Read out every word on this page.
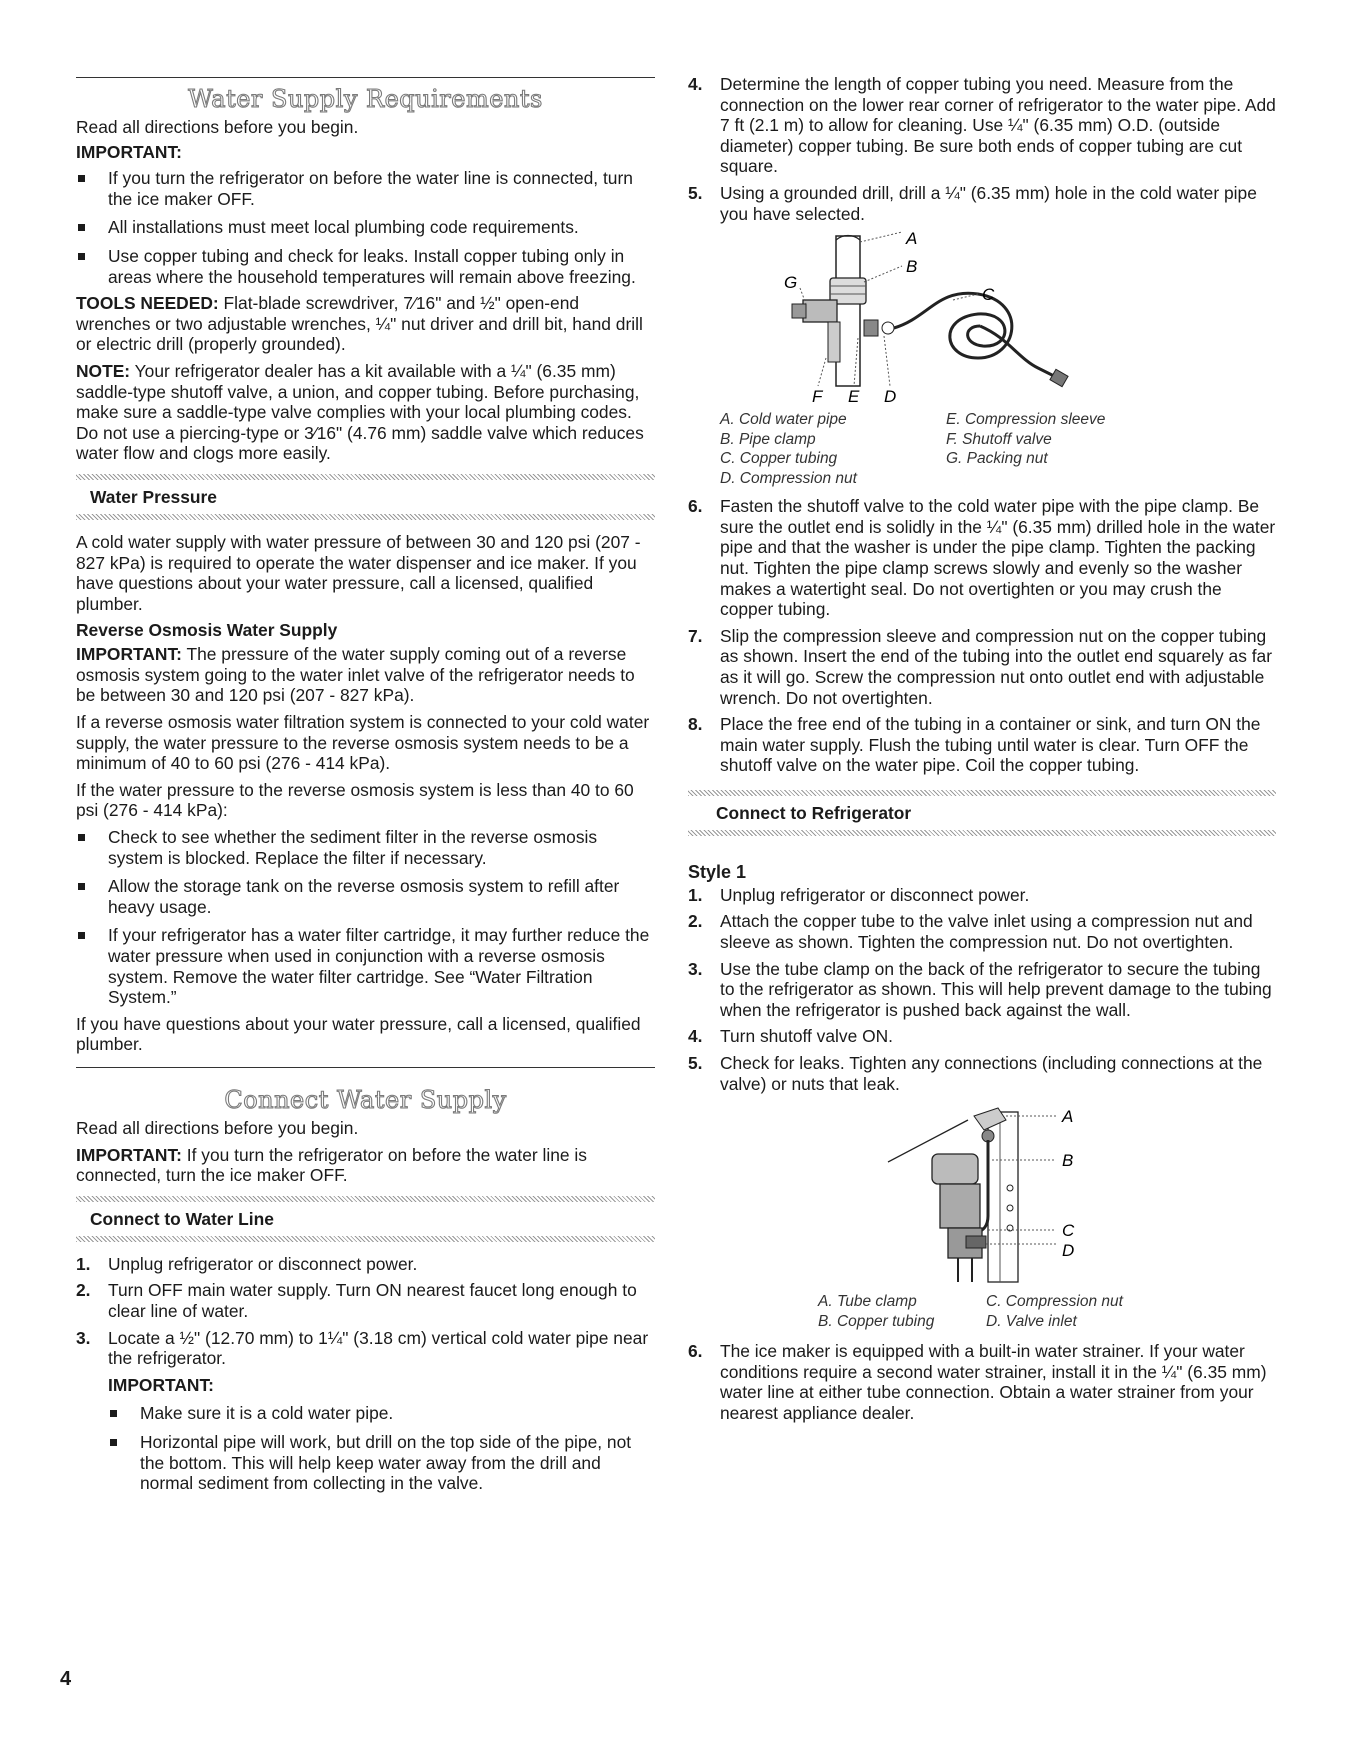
Water Supply Requirements

Read all directions before you begin.

IMPORTANT:

If you turn the refrigerator on before the water line is connected, turn the ice maker OFF.

All installations must meet local plumbing code requirements.

Use copper tubing and check for leaks. Install copper tubing only in areas where the household temperatures will remain above freezing.

TOOLS NEEDED: Flat-blade screwdriver, 7⁄16" and ½" open-end wrenches or two adjustable wrenches, ¼" nut driver and drill bit, hand drill or electric drill (properly grounded).

NOTE: Your refrigerator dealer has a kit available with a ¼" (6.35 mm) saddle-type shutoff valve, a union, and copper tubing. Before purchasing, make sure a saddle-type valve complies with your local plumbing codes. Do not use a piercing-type or 3⁄16" (4.76 mm) saddle valve which reduces water flow and clogs more easily.

Water Pressure

A cold water supply with water pressure of between 30 and 120 psi (207 - 827 kPa) is required to operate the water dispenser and ice maker. If you have questions about your water pressure, call a licensed, qualified plumber.

Reverse Osmosis Water Supply

IMPORTANT: The pressure of the water supply coming out of a reverse osmosis system going to the water inlet valve of the refrigerator needs to be between 30 and 120 psi (207 - 827 kPa).

If a reverse osmosis water filtration system is connected to your cold water supply, the water pressure to the reverse osmosis system needs to be a minimum of 40 to 60 psi (276 - 414 kPa).

If the water pressure to the reverse osmosis system is less than 40 to 60 psi (276 - 414 kPa):

Check to see whether the sediment filter in the reverse osmosis system is blocked. Replace the filter if necessary.

Allow the storage tank on the reverse osmosis system to refill after heavy usage.

If your refrigerator has a water filter cartridge, it may further reduce the water pressure when used in conjunction with a reverse osmosis system. Remove the water filter cartridge. See “Water Filtration System.”

If you have questions about your water pressure, call a licensed, qualified plumber.

Connect Water Supply

Read all directions before you begin.

IMPORTANT: If you turn the refrigerator on before the water line is connected, turn the ice maker OFF.

Connect to Water Line

1. Unplug refrigerator or disconnect power.

2. Turn OFF main water supply. Turn ON nearest faucet long enough to clear line of water.

3. Locate a ½" (12.70 mm) to 1¼" (3.18 cm) vertical cold water pipe near the refrigerator.

IMPORTANT:

Make sure it is a cold water pipe.

Horizontal pipe will work, but drill on the top side of the pipe, not the bottom. This will help keep water away from the drill and normal sediment from collecting in the valve.

4. Determine the length of copper tubing you need. Measure from the connection on the lower rear corner of refrigerator to the water pipe. Add 7 ft (2.1 m) to allow for cleaning. Use ¼" (6.35 mm) O.D. (outside diameter) copper tubing. Be sure both ends of copper tubing are cut square.

5. Using a grounded drill, drill a ¼" (6.35 mm) hole in the cold water pipe you have selected.

A
B
C
D
E
F
G
A. Cold water pipe
B. Pipe clamp
C. Copper tubing
D. Compression nut
E. Compression sleeve
F. Shutoff valve
G. Packing nut

6. Fasten the shutoff valve to the cold water pipe with the pipe clamp. Be sure the outlet end is solidly in the ¼" (6.35 mm) drilled hole in the water pipe and that the washer is under the pipe clamp. Tighten the packing nut. Tighten the pipe clamp screws slowly and evenly so the washer makes a watertight seal. Do not overtighten or you may crush the copper tubing.

7. Slip the compression sleeve and compression nut on the copper tubing as shown. Insert the end of the tubing into the outlet end squarely as far as it will go. Screw the compression nut onto outlet end with adjustable wrench. Do not overtighten.

8. Place the free end of the tubing in a container or sink, and turn ON the main water supply. Flush the tubing until water is clear. Turn OFF the shutoff valve on the water pipe. Coil the copper tubing.

Connect to Refrigerator

Style 1

1. Unplug refrigerator or disconnect power.

2. Attach the copper tube to the valve inlet using a compression nut and sleeve as shown. Tighten the compression nut. Do not overtighten.

3. Use the tube clamp on the back of the refrigerator to secure the tubing to the refrigerator as shown. This will help prevent damage to the tubing when the refrigerator is pushed back against the wall.

4. Turn shutoff valve ON.

5. Check for leaks. Tighten any connections (including connections at the valve) or nuts that leak.

A
B
C
D
A. Tube clamp
B. Copper tubing
C. Compression nut
D. Valve inlet

6. The ice maker is equipped with a built-in water strainer. If your water conditions require a second water strainer, install it in the ¼" (6.35 mm) water line at either tube connection. Obtain a water strainer from your nearest appliance dealer.

4
